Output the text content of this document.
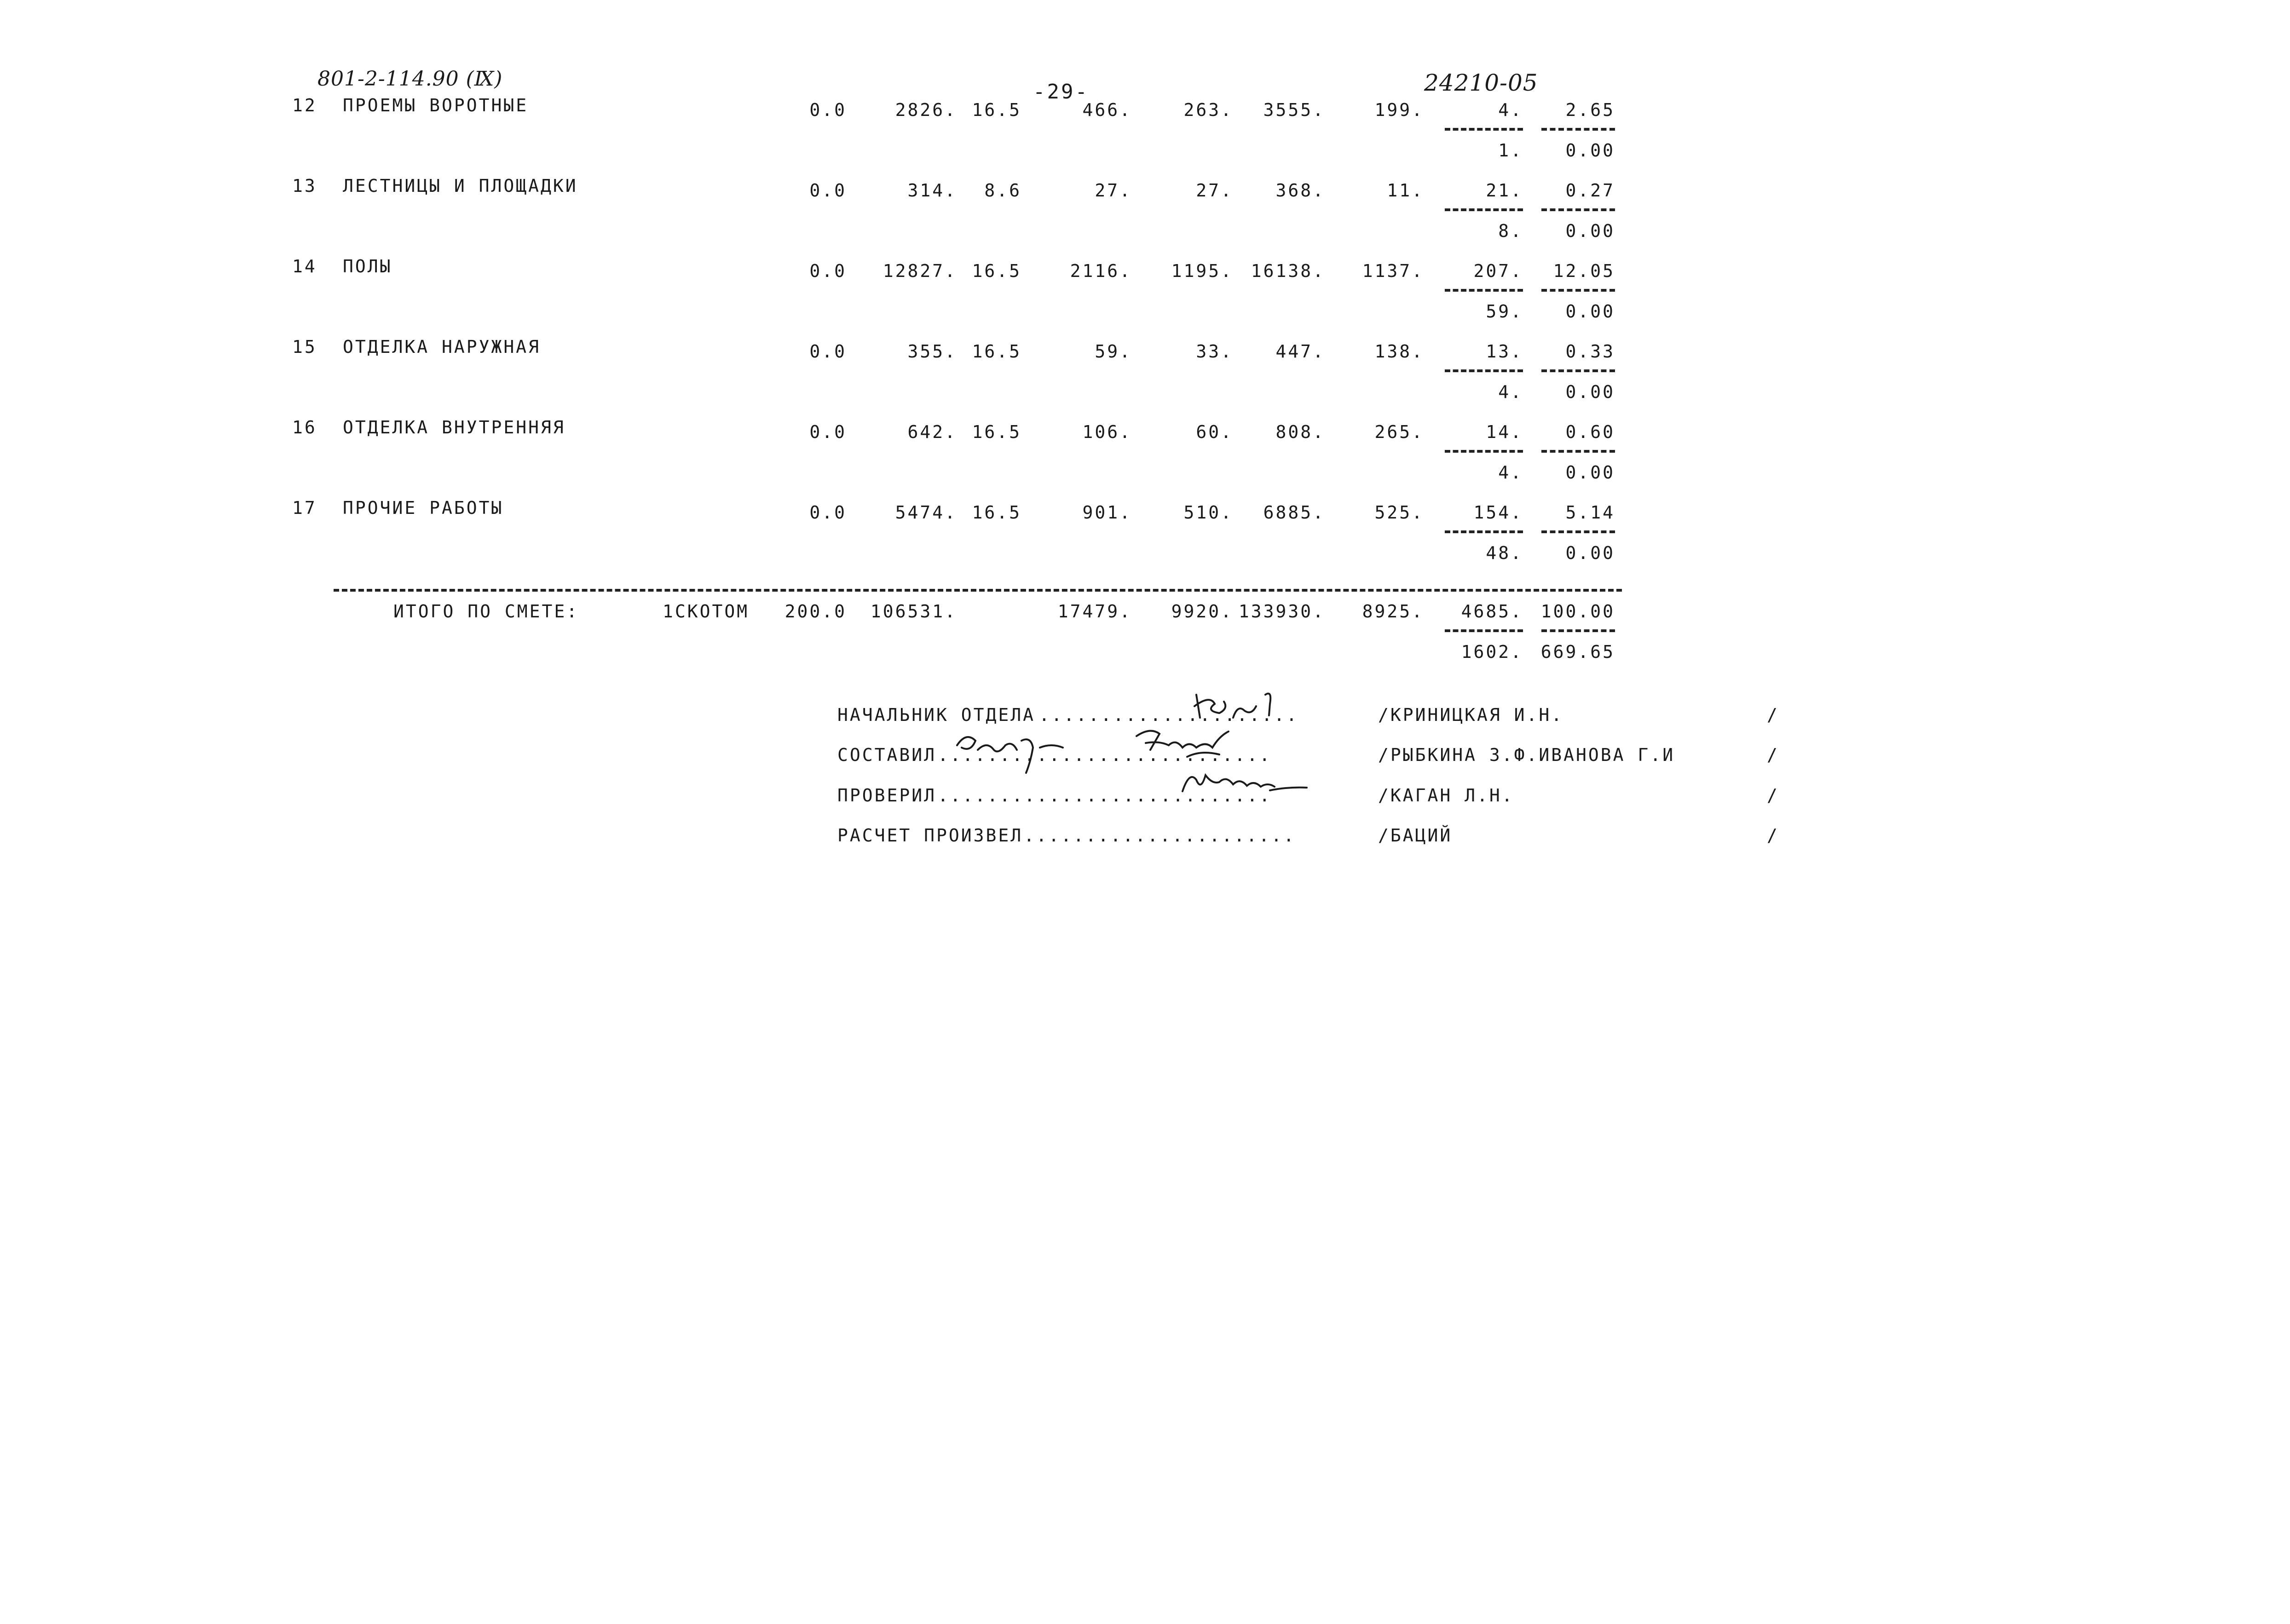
801-2-114.90 (Ⅸ)
-29-	24210-05
12 ПРОЕМЫ ВОРОТНЫЕ	0.0	2826. 16.5	466.	263.	3555.	199.	4.	2.65
1.	0.00
13 ЛЕСТНИЦЫ И ПЛОЩАДКИ	0.0	314.	8.6	27.	27.	368.	11.	21.	0.27
8.	0.00
14 ПОЛЫ	0.0	12827. 16.5	2116.	1195.	16138.	1137.	207.	12.05
59.	0.00
15 ОТДЕЛКА НАРУЖНАЯ	0.0	355. 16.5	59.	33.	447.	138.	13.	0.33
4.	0.00
16 ОТДЕЛКА ВНУТРЕННЯЯ	0.0	642. 16.5	106.	60.	808.	265.	14.	0.60
4.	0.00
17 ПРОЧИЕ РАБОТЫ	0.0	5474. 16.5	901.	510.	6885.	525.	154.	5.14
48.	0.00
ИТОГО ПО СМЕТЕ:	1СКОТОМ	200.0	106531.	17479.	9920. 133930.	8925.	4685.	100.00
1602.	669.65
НАЧАЛЬНИК ОТДЕЛА .....................	/КРИНИЦКАЯ И.Н.	/
СОСТАВИЛ ...........................	/РЫБКИНА З.Ф.ИВАНОВА Г.И	/
ПРОВЕРИЛ ...........................	/КАГАН Л.Н.	/
РАСЧЕТ ПРОИЗВЕЛ ......................	/БАЦИЙ	/
